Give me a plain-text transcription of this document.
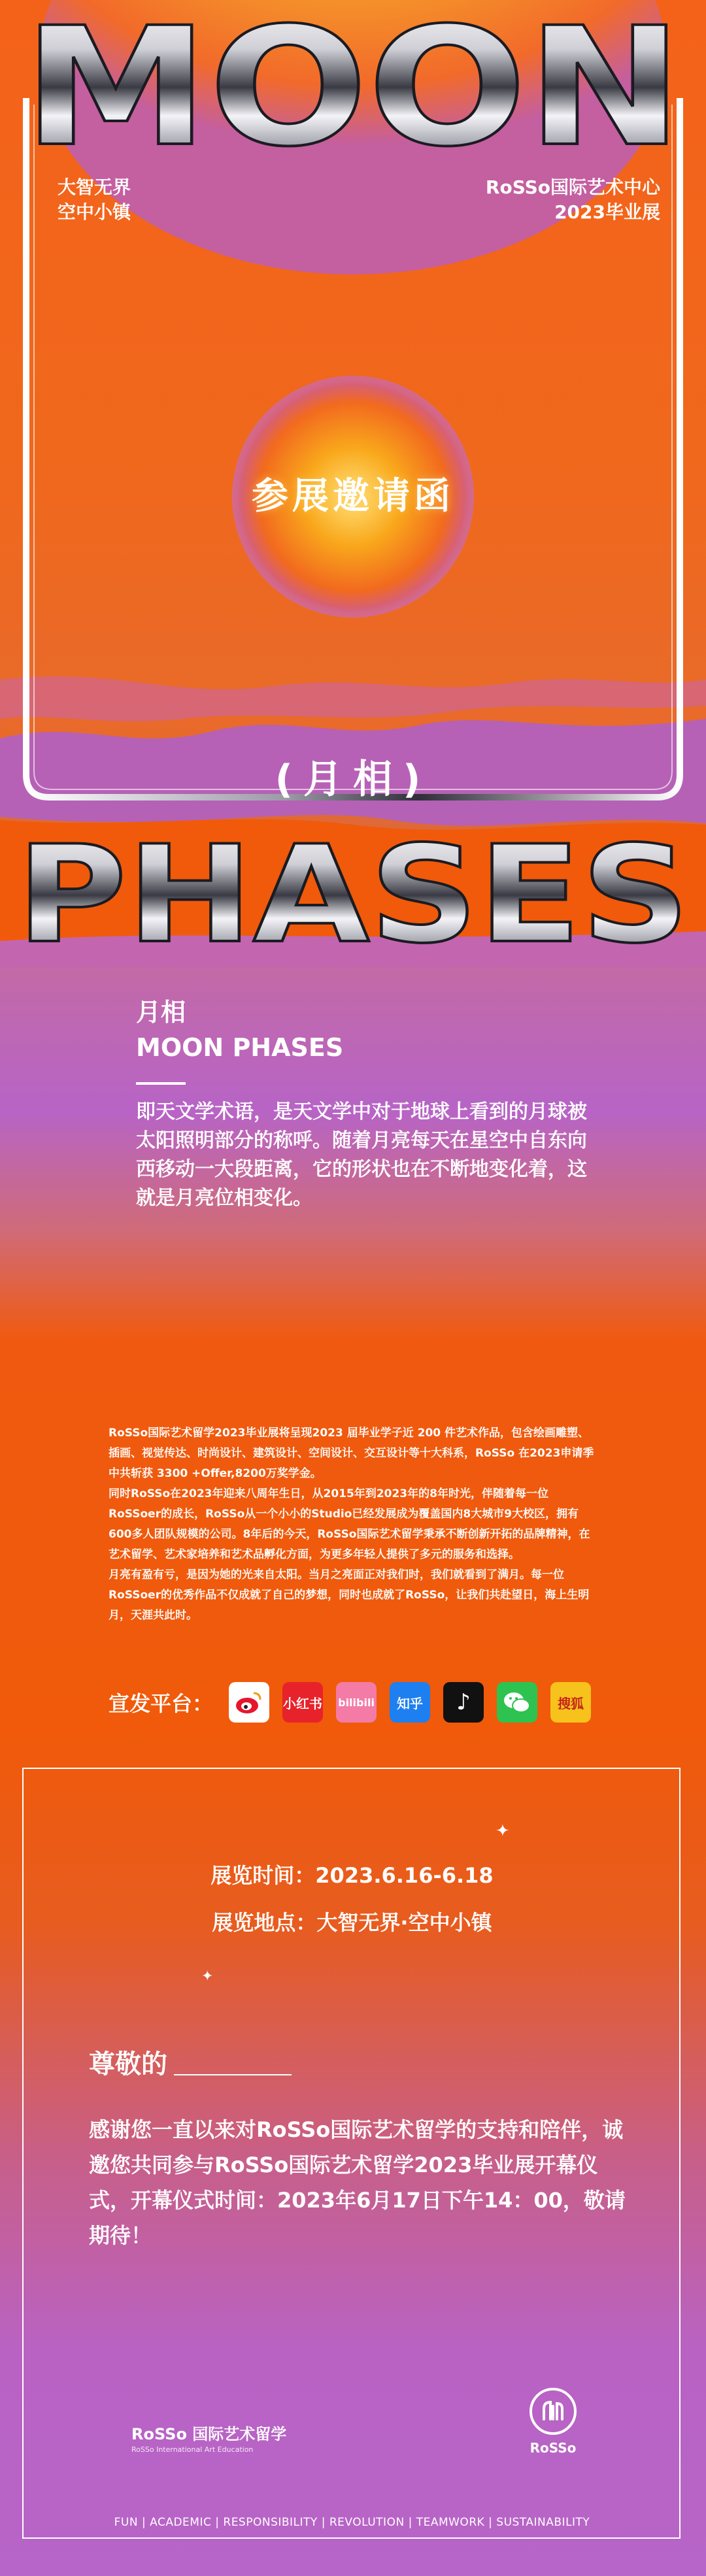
MOON
PHASES
大智无界
空中小镇
RoSSo国际艺术中心
2023毕业展
参展邀请函
(月相)
月相
MOON PHASES
即天文学术语，是天文学中对于地球上看到的月球被太阳照明部分的称呼。随着月亮每天在星空中自东向西移动一大段距离，它的形状也在不断地变化着，这就是月亮位相变化。

RoSSo国际艺术留学2023毕业展将呈现2023 届毕业学子近 200 件艺术作品，包含绘画雕塑、插画、视觉传达、时尚设计、建筑设计、空间设计、交互设计等十大科系，RoSSo 在2023申请季中共斩获 3300 +Offer,8200万奖学金。

同时RoSSo在2023年迎来八周年生日，从2015年到2023年的8年时光，伴随着每一位RoSSoer的成长，RoSSo从一个小小的Studio已经发展成为覆盖国内8大城市9大校区，拥有600多人团队规模的公司。8年后的今天，RoSSo国际艺术留学秉承不断创新开拓的品牌精神，在艺术留学、艺术家培养和艺术品孵化方面，为更多年轻人提供了多元的服务和选择。

月亮有盈有亏，是因为她的光来自太阳。当月之亮面正对我们时，我们就看到了满月。每一位RoSSoer的优秀作品不仅成就了自己的梦想，同时也成就了RoSSo，让我们共赴望日，海上生明月，天涯共此时。

宣发平台：	小红书 bilibili 知乎 ♪	搜狐
✦
✦
展览时间：2023.6.16-6.18
展览地点：大智无界·空中小镇
尊敬的
感谢您一直以来对RoSSo国际艺术留学的支持和陪伴，诚邀您共同参与RoSSo国际艺术留学2023毕业展开幕仪式，开幕仪式时间：2023年6月17日下午14：00，敬请期待！
RoSSo 国际艺术留学
RoSSo International Art Education	RoSSo
FUN | ACADEMIC | RESPONSIBILITY | REVOLUTION | TEAMWORK | SUSTAINABILITY
